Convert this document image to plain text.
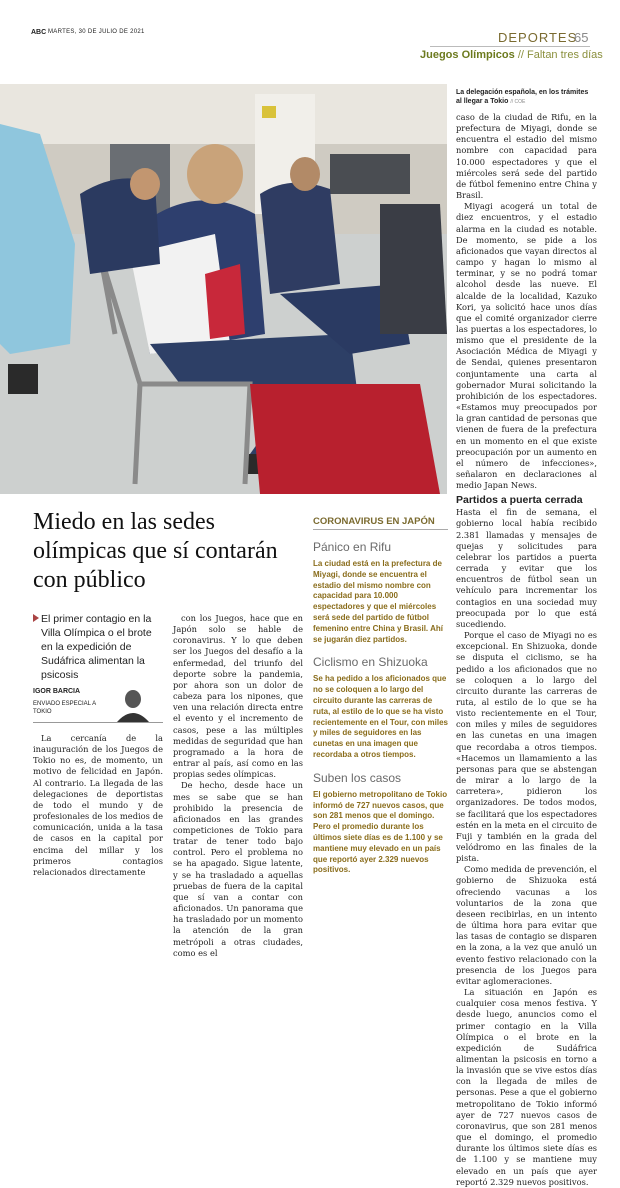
ABC MARTES, 30 DE JULIO DE 2021	DEPORTES
65
Juegos Olímpicos // Faltan tres días
La delegación española, en los trámites al llegar a Tokio // COE

caso de la ciudad de Rifu, en la prefectura de Miyagi, donde se encuentra el estadio del mismo nombre con capacidad para 10.000 espectadores y que el miércoles será sede del partido de fútbol femenino entre China y Brasil.

Miyagi acogerá un total de diez encuentros, y el estadio alarma en la ciudad es notable. De momento, se pide a los aficionados que vayan directos al campo y hagan lo mismo al terminar, y se no podrá tomar alcohol desde las nueve. El alcalde de la localidad, Kazuko Kori, ya solicitó hace unos días que el comité organizador cierre las puertas a los espectadores, lo mismo que el presidente de la Asociación Médica de Miyagi y de Sendai, quienes presentaron conjuntamente una carta al gobernador Murai solicitando la prohibición de los espectadores. «Estamos muy preocupados por la gran cantidad de personas que vienen de fuera de la prefectura en un momento en el que existe preocupación por un aumento en el número de infecciones», señalaron en declaraciones al medio Japan News.

Partidos a puerta cerrada

Hasta el fin de semana, el gobierno local había recibido 2.381 llamadas y mensajes de quejas y solicitudes para celebrar los partidos a puerta cerrada y evitar que los encuentros de fútbol sean un vehículo para incrementar los contagios en una sociedad muy preocupada por lo que está sucediendo.

Porque el caso de Miyagi no es excepcional. En Shizuoka, donde se disputa el ciclismo, se ha pedido a los aficionados que no se coloquen a lo largo del circuito durante las carreras de ruta, al estilo de lo que se ha visto recientemente en el Tour, con miles y miles de seguidores en las cunetas en una imagen que recordaba a otros tiempos. «Hacemos un llamamiento a las personas para que se abstengan de mirar a lo largo de la carretera», pidieron los organizadores. De todos modos, se facilitará que los espectadores estén en la meta en el circuito de Fuji y también en la grada del velódromo en las finales de la pista.

Como medida de prevención, el gobierno de Shizuoka está ofreciendo vacunas a los voluntarios de la zona que deseen recibirlas, en un intento de última hora para evitar que las tasas de contagio se disparen en la zona, a la vez que anuló un evento festivo relacionado con la presencia de los Juegos para evitar aglomeraciones.

La situación en Japón es cualquier cosa menos festiva. Y desde luego, anuncios como el primer contagio en la Villa Olímpica o el brote en la expedición de Sudáfrica alimentan la psicosis en torno a la invasión que se vive estos días con la llegada de miles de personas. Pese a que el gobierno metropolitano de Tokio informó ayer de 727 nuevos casos de coronavirus, que son 281 menos que el domingo, el promedio durante los últimos siete días es de 1.100 y se mantiene muy elevado en un país que ayer reportó 2.329 nuevos positivos.

Miedo en las sedes olímpicas que sí contarán con público
El primer contagio en la Villa Olímpica o el brote en la expedición de Sudáfrica alimentan la psicosis
IGOR BARCIA
ENVIADO ESPECIAL A TOKIO

La cercanía de la inauguración de los Juegos de Tokio no es, de momento, un motivo de felicidad en Japón. Al contrario. La llegada de las delegaciones de deportistas de todo el mundo y de profesionales de los medios de comunicación, unida a la tasa de casos en la capital por encima del millar y los primeros contagios relacionados directamente

con los Juegos, hace que en Japón solo se hable de coronavirus. Y lo que deben ser los Juegos del desafío a la enfermedad, del triunfo del deporte sobre la pandemia, por ahora son un dolor de cabeza para los nipones, que ven una relación directa entre el evento y el incremento de casos, pese a las múltiples medidas de seguridad que han programado a la hora de entrar al país, así como en las propias sedes olímpicas.

De hecho, desde hace un mes se sabe que se han prohibido la presencia de aficionados en las grandes competiciones de Tokio para tratar de tener todo bajo control. Pero el problema no se ha apagado. Sigue latente, y se ha trasladado a aquellas pruebas de fuera de la capital que sí van a contar con aficionados. Un panorama que ha trasladado por un momento la atención de la gran metrópoli a otras ciudades, como es el

CORONAVIRUS EN JAPÓN
Pánico en Rifu
La ciudad está en la prefectura de Miyagi, donde se encuentra el estadio del mismo nombre con capacidad para 10.000 espectadores y que el miércoles será sede del partido de fútbol femenino entre China y Brasil. Ahí se jugarán diez partidos.
Ciclismo en Shizuoka
Se ha pedido a los aficionados que no se coloquen a lo largo del circuito durante las carreras de ruta, al estilo de lo que se ha visto recientemente en el Tour, con miles y miles de seguidores en las cunetas en una imagen que recordaba a otros tiempos.
Suben los casos
El gobierno metropolitano de Tokio informó de 727 nuevos casos, que son 281 menos que el domingo. Pero el promedio durante los últimos siete días es de 1.100 y se mantiene muy elevado en un país que reportó ayer 2.329 nuevos positivos.
